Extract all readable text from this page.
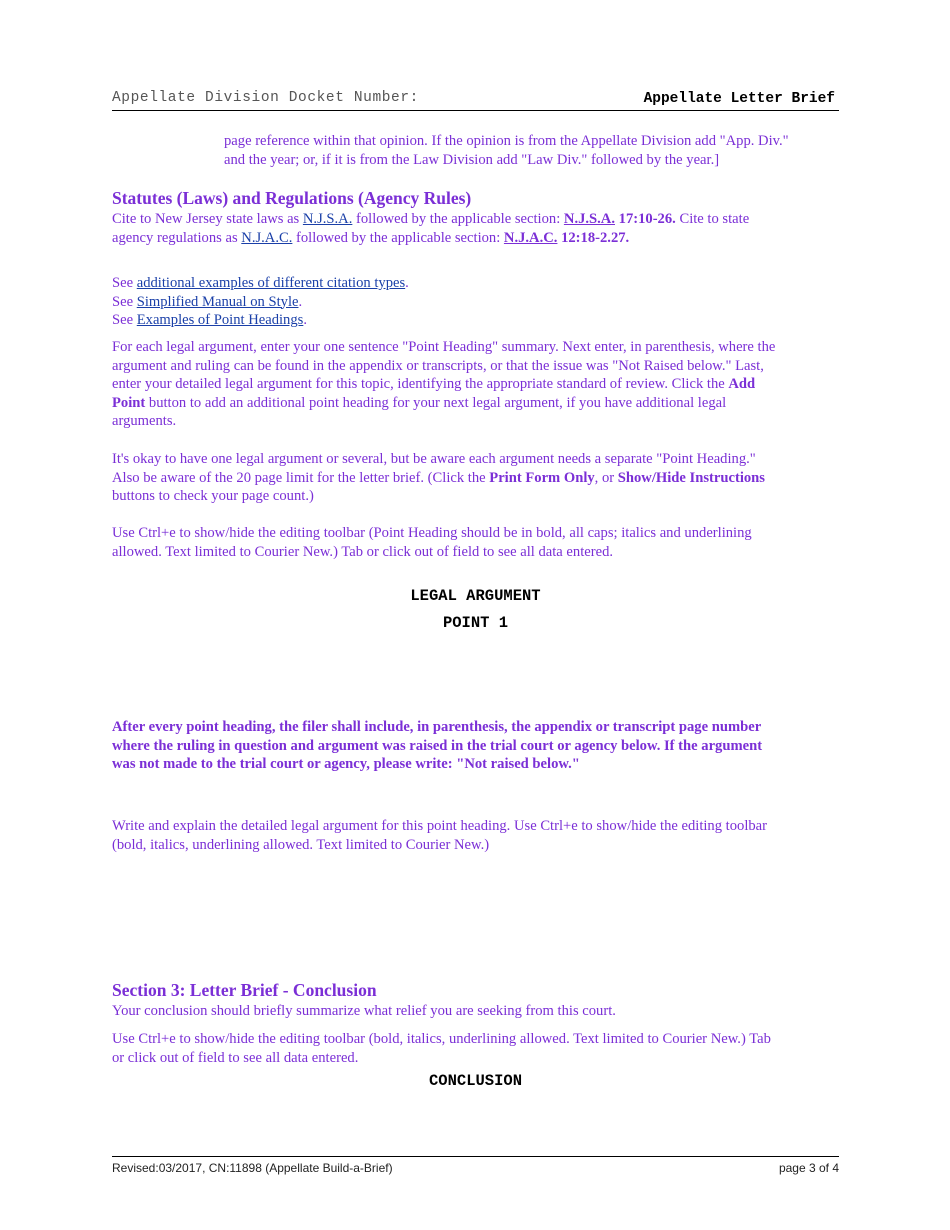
Appellate Division Docket Number:	Appellate Letter Brief
page reference within that opinion. If the opinion is from the Appellate Division add "App. Div."
and the year; or, if it is from the Law Division add "Law Div." followed by the year.]
Statutes (Laws) and Regulations (Agency Rules)
Cite to New Jersey state laws as N.J.S.A. followed by the applicable section: N.J.S.A. 17:10-26. Cite to state
agency regulations as N.J.A.C. followed by the applicable section: N.J.A.C. 12:18-2.27.
See additional examples of different citation types.
See Simplified Manual on Style.
See Examples of Point Headings.
For each legal argument, enter your one sentence "Point Heading" summary. Next enter, in parenthesis, where the
argument and ruling can be found in the appendix or transcripts, or that the issue was "Not Raised below." Last,
enter your detailed legal argument for this topic, identifying the appropriate standard of review. Click the Add
Point button to add an additional point heading for your next legal argument, if you have additional legal
arguments.
It's okay to have one legal argument or several, but be aware each argument needs a separate "Point Heading."
Also be aware of the 20 page limit for the letter brief. (Click the Print Form Only, or Show/Hide Instructions
buttons to check your page count.)
Use Ctrl+e to show/hide the editing toolbar (Point Heading should be in bold, all caps; italics and underlining
allowed. Text limited to Courier New.) Tab or click out of field to see all data entered.
LEGAL ARGUMENT
POINT 1
After every point heading, the filer shall include, in parenthesis, the appendix or transcript page number
where the ruling in question and argument was raised in the trial court or agency below. If the argument
was not made to the trial court or agency, please write: "Not raised below."
Write and explain the detailed legal argument for this point heading. Use Ctrl+e to show/hide the editing toolbar
(bold, italics, underlining allowed. Text limited to Courier New.)
Section 3: Letter Brief - Conclusion
Your conclusion should briefly summarize what relief you are seeking from this court.
Use Ctrl+e to show/hide the editing toolbar (bold, italics, underlining allowed. Text limited to Courier New.) Tab
or click out of field to see all data entered.
CONCLUSION
Revised:03/2017, CN:11898 (Appellate Build-a-Brief)	page 3 of 4
